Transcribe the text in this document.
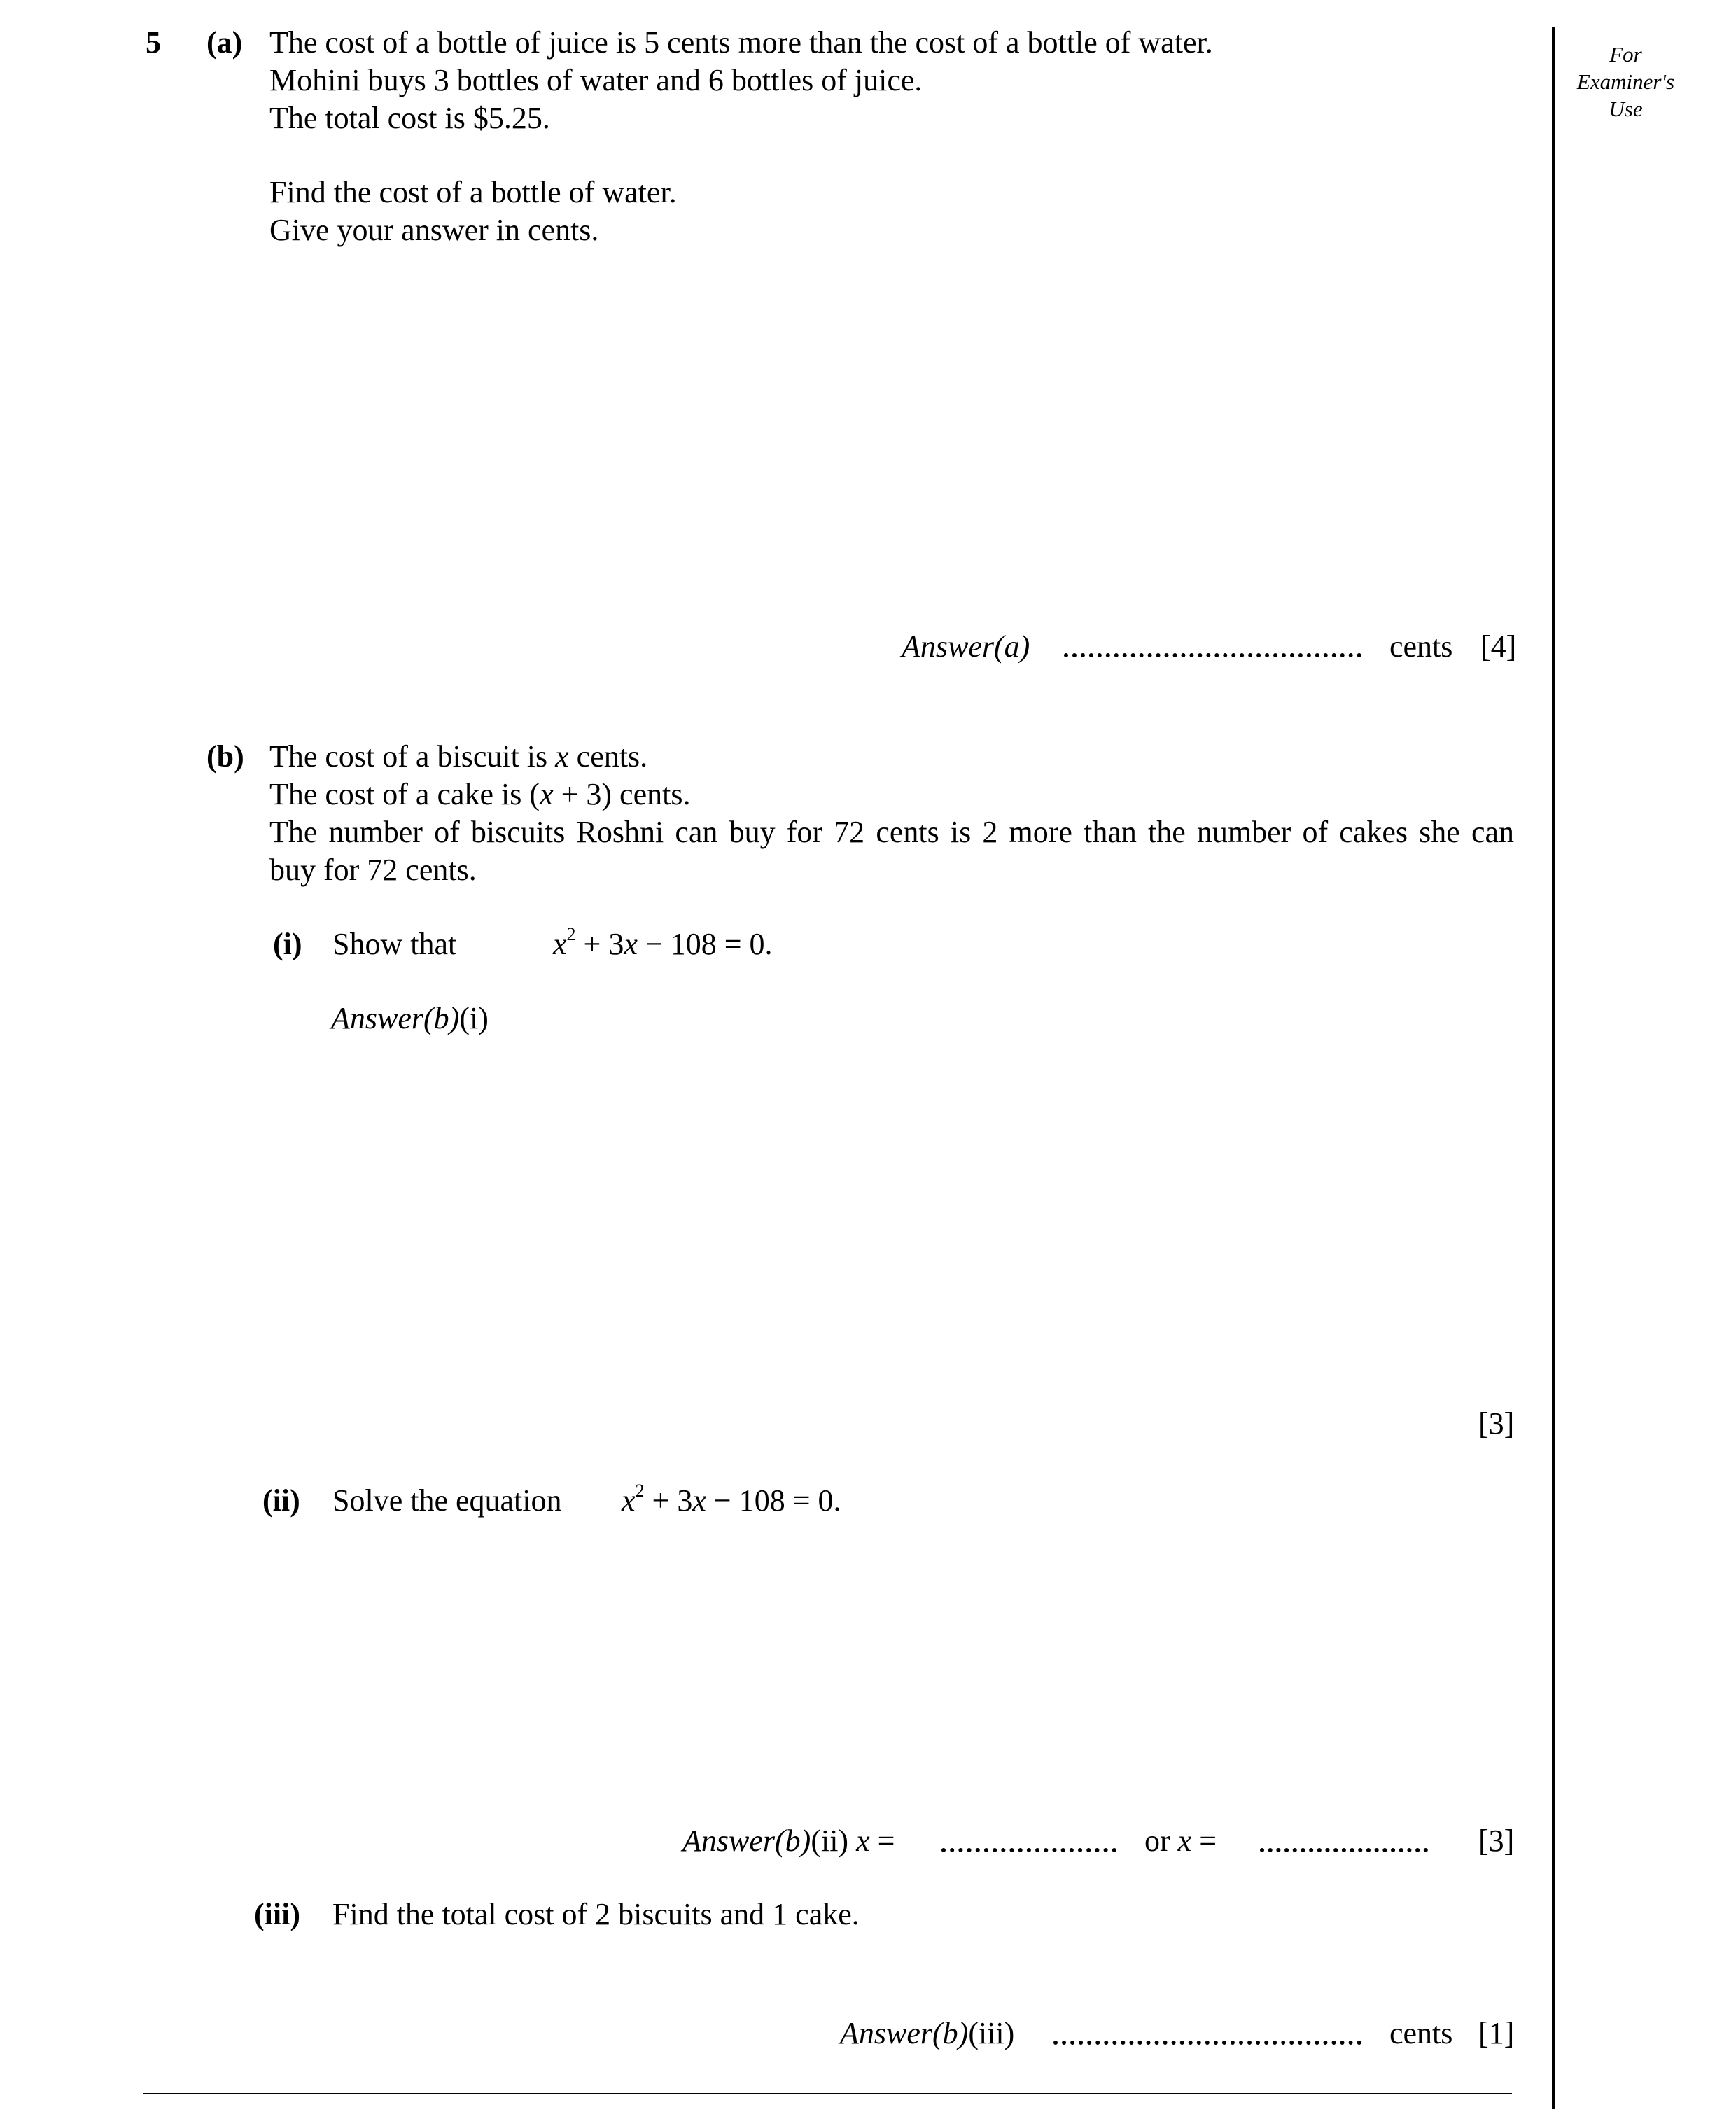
For
Examiner's
Use
5 (a) The cost of a bottle of juice is 5 cents more than the cost of a bottle of water.
Mohini buys 3 bottles of water and 6 bottles of juice.
The total cost is $5.25.
Find the cost of a bottle of water.
Give your answer in cents.
Answer(a)	cents [4]
(b) The cost of a biscuit is x cents.
The cost of a cake is (x + 3) cents.
The number of biscuits Roshni can buy for 72 cents is 2 more than the number of cakes she can
buy for 72 cents.
(i) Show that	$x^2 + 3x - 108 = 0$.
Answer(b)(i)
[3]
(ii) Solve the equation $x^2 + 3x - 108 = 0$.
Answer(b)(ii) x =	or x =	[3]
(iii) Find the total cost of 2 biscuits and 1 cake.
Answer(b)(iii)	cents [1]
